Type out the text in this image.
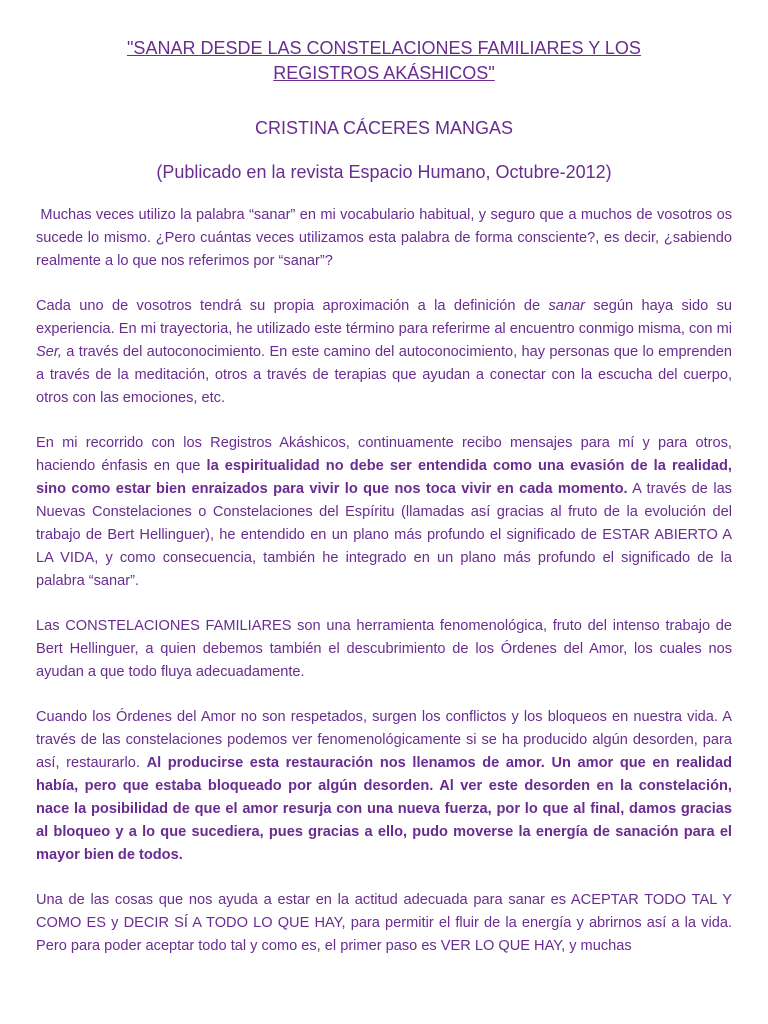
"SANAR DESDE LAS CONSTELACIONES FAMILIARES Y LOS REGISTROS AKÁSHICOS"

CRISTINA CÁCERES MANGAS

(Publicado en la revista Espacio Humano, Octubre-2012)

Muchas veces utilizo la palabra “sanar” en mi vocabulario habitual, y seguro que a muchos de vosotros os sucede lo mismo. ¿Pero cuántas veces utilizamos esta palabra de forma consciente?, es decir, ¿sabiendo realmente a lo que nos referimos por “sanar”?

Cada uno de vosotros tendrá su propia aproximación a la definición de sanar según haya sido su experiencia. En mi trayectoria, he utilizado este término para referirme al encuentro conmigo misma, con mi Ser, a través del autoconocimiento. En este camino del autoconocimiento, hay personas que lo emprenden a través de la meditación, otros a través de terapias que ayudan a conectar con la escucha del cuerpo, otros con las emociones, etc.

En mi recorrido con los Registros Akáshicos, continuamente recibo mensajes para mí y para otros, haciendo énfasis en que la espiritualidad no debe ser entendida como una evasión de la realidad, sino como estar bien enraizados para vivir lo que nos toca vivir en cada momento. A través de las Nuevas Constelaciones o Constelaciones del Espíritu (llamadas así gracias al fruto de la evolución del trabajo de Bert Hellinguer), he entendido en un plano más profundo el significado de ESTAR ABIERTO A LA VIDA, y como consecuencia, también he integrado en un plano más profundo el significado de la palabra “sanar”.

Las CONSTELACIONES FAMILIARES son una herramienta fenomenológica, fruto del intenso trabajo de Bert Hellinguer, a quien debemos también el descubrimiento de los Órdenes del Amor, los cuales nos ayudan a que todo fluya adecuadamente.

Cuando los Órdenes del Amor no son respetados, surgen los conflictos y los bloqueos en nuestra vida. A través de las constelaciones podemos ver fenomenológicamente si se ha producido algún desorden, para así, restaurarlo. Al producirse esta restauración nos llenamos de amor. Un amor que en realidad había, pero que estaba bloqueado por algún desorden. Al ver este desorden en la constelación, nace la posibilidad de que el amor resurja con una nueva fuerza, por lo que al final, damos gracias al bloqueo y a lo que sucediera, pues gracias a ello, pudo moverse la energía de sanación para el mayor bien de todos.

Una de las cosas que nos ayuda a estar en la actitud adecuada para sanar es ACEPTAR TODO TAL Y COMO ES y DECIR SÍ A TODO LO QUE HAY, para permitir el fluir de la energía y abrirnos así a la vida. Pero para poder aceptar todo tal y como es, el primer paso es VER LO QUE HAY, y muchas
